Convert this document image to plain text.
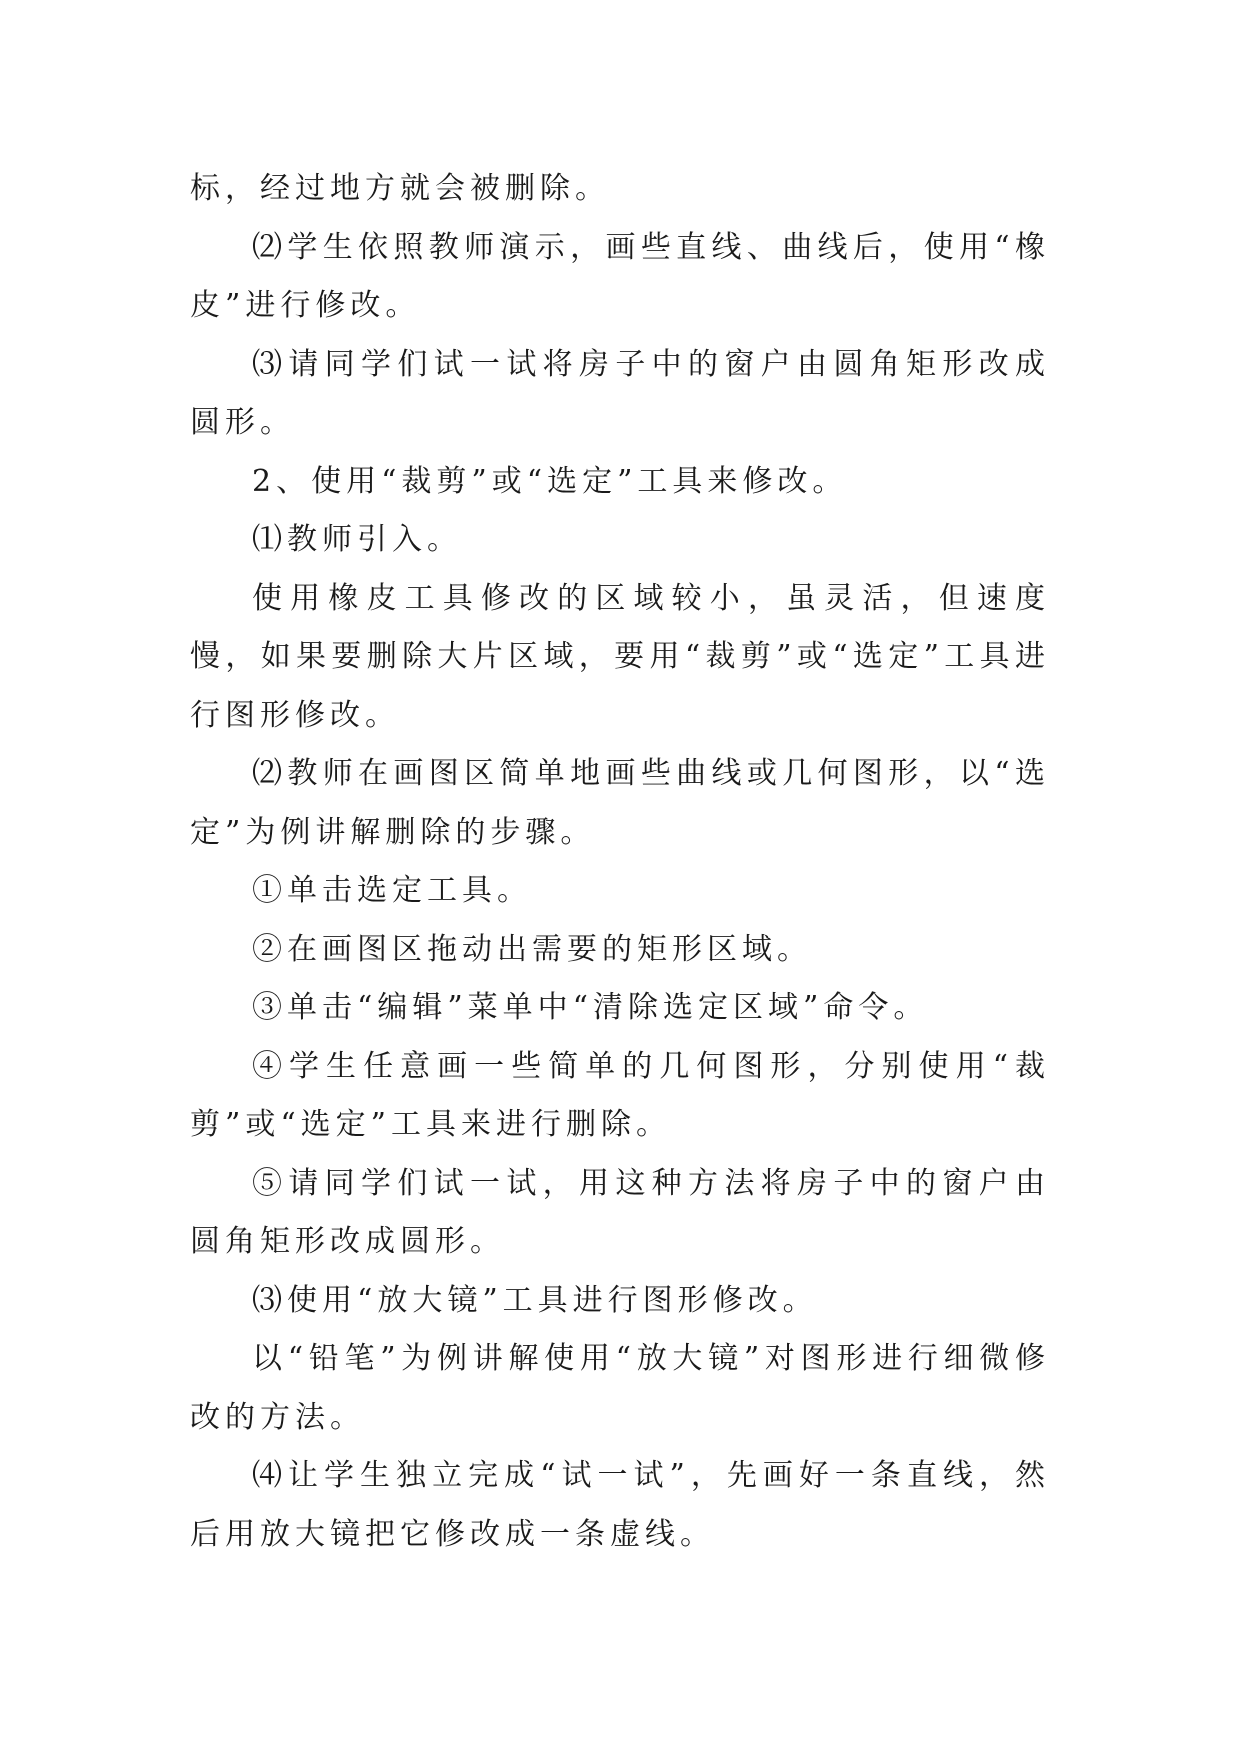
标，经过地方就会被删除。

⑵学生依照教师演示，画些直线、曲线后，使用“橡皮”进行修改。

⑶请同学们试一试将房子中的窗户由圆角矩形改成圆形。

2、使用“裁剪”或“选定”工具来修改。

⑴教师引入。

使用橡皮工具修改的区域较小，虽灵活，但速度慢，如果要删除大片区域，要用“裁剪”或“选定”工具进行图形修改。

⑵教师在画图区简单地画些曲线或几何图形，以“选定”为例讲解删除的步骤。

①单击选定工具。

②在画图区拖动出需要的矩形区域。

③单击“编辑”菜单中“清除选定区域”命令。

④学生任意画一些简单的几何图形，分别使用“裁剪”或“选定”工具来进行删除。

⑤请同学们试一试，用这种方法将房子中的窗户由圆角矩形改成圆形。

⑶使用“放大镜”工具进行图形修改。

以“铅笔”为例讲解使用“放大镜”对图形进行细微修改的方法。

⑷让学生独立完成“试一试”，先画好一条直线，然后用放大镜把它修改成一条虚线。
